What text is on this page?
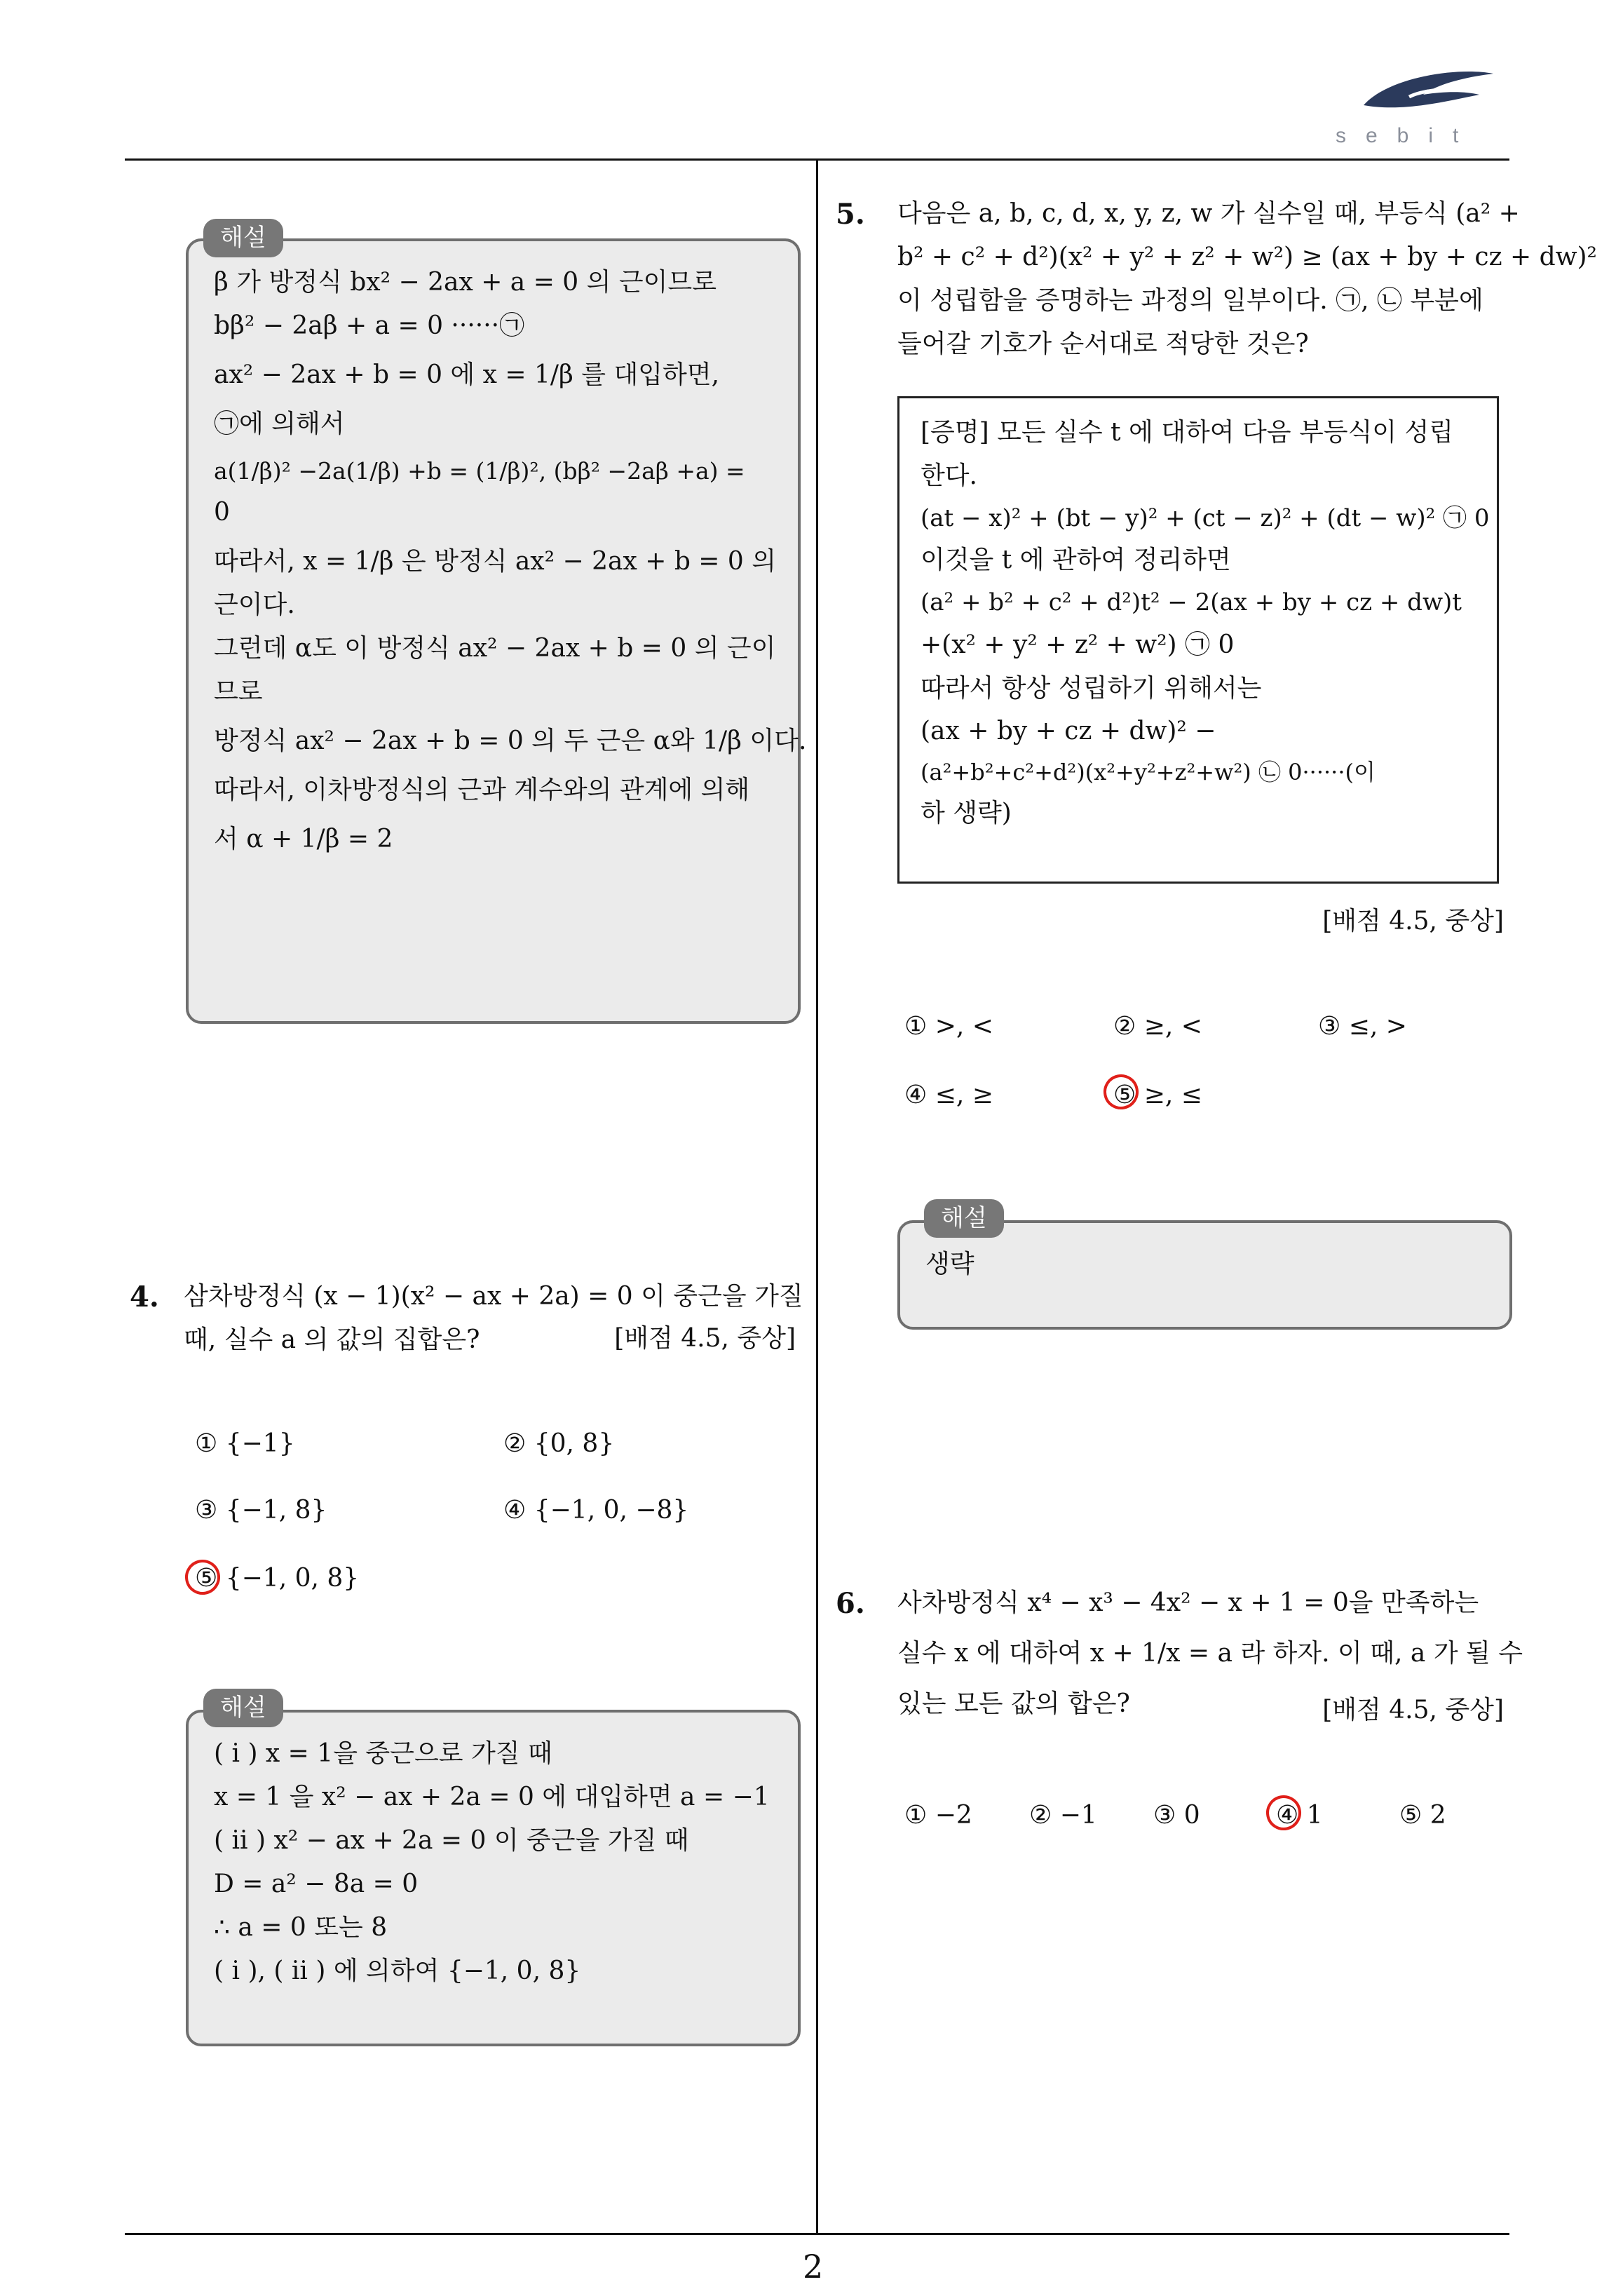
sebit
β 가 방정식 bx² − 2ax + a = 0 의 근이므로
bβ² − 2aβ + a = 0 ······㉠
ax² − 2ax + b = 0 에 x = 1/β 를 대입하면,
㉠에 의해서
a(1/β)² −2a(1/β) +b = (1/β)², (bβ² −2aβ +a) =
0
따라서, x = 1/β 은 방정식 ax² − 2ax + b = 0 의
근이다.
그런데 α도 이 방정식 ax² − 2ax + b = 0 의 근이
므로
방정식 ax² − 2ax + b = 0 의 두 근은 α와 1/β 이다.
따라서, 이차방정식의 근과 계수와의 관계에 의해
서 α + 1/β = 2
해설
4. 삼차방정식 (x − 1)(x² − ax + 2a) = 0 이 중근을 가질
때, 실수 a 의 값의 집합은?	[배점 4.5, 중상]
① {−1}	② {0, 8}
③ {−1, 8}	④ {−1, 0, −8}
⑤ {−1, 0, 8}
( i ) x = 1을 중근으로 가질 때
x = 1 을 x² − ax + 2a = 0 에 대입하면 a = −1
( ii ) x² − ax + 2a = 0 이 중근을 가질 때
D = a² − 8a = 0
∴ a = 0 또는 8
( i ), ( ii ) 에 의하여 {−1, 0, 8}
해설
5. 다음은 a, b, c, d, x, y, z, w 가 실수일 때, 부등식 (a² +
b² + c² + d²)(x² + y² + z² + w²) ≥ (ax + by + cz + dw)²
이 성립함을 증명하는 과정의 일부이다. ㉠, ㉡ 부분에
들어갈 기호가 순서대로 적당한 것은?
[증명] 모든 실수 t 에 대하여 다음 부등식이 성립
한다.
(at − x)² + (bt − y)² + (ct − z)² + (dt − w)² ㉠ 0
이것을 t 에 관하여 정리하면
(a² + b² + c² + d²)t² − 2(ax + by + cz + dw)t
+(x² + y² + z² + w²) ㉠ 0
따라서 항상 성립하기 위해서는
(ax + by + cz + dw)² −
(a²+b²+c²+d²)(x²+y²+z²+w²) ㉡ 0······(이
하 생략)
[배점 4.5, 중상]
① >, <	② ≥, <	③ ≤, >
④ ≤, ≥	⑤ ≥, ≤
생략
해설
6. 사차방정식 x⁴ − x³ − 4x² − x + 1 = 0을 만족하는
실수 x 에 대하여 x + 1/x = a 라 하자. 이 때, a 가 될 수
있는 모든 값의 합은?	[배점 4.5, 중상]
① −2 ② −1 ③ 0	④ 1	⑤ 2
2
